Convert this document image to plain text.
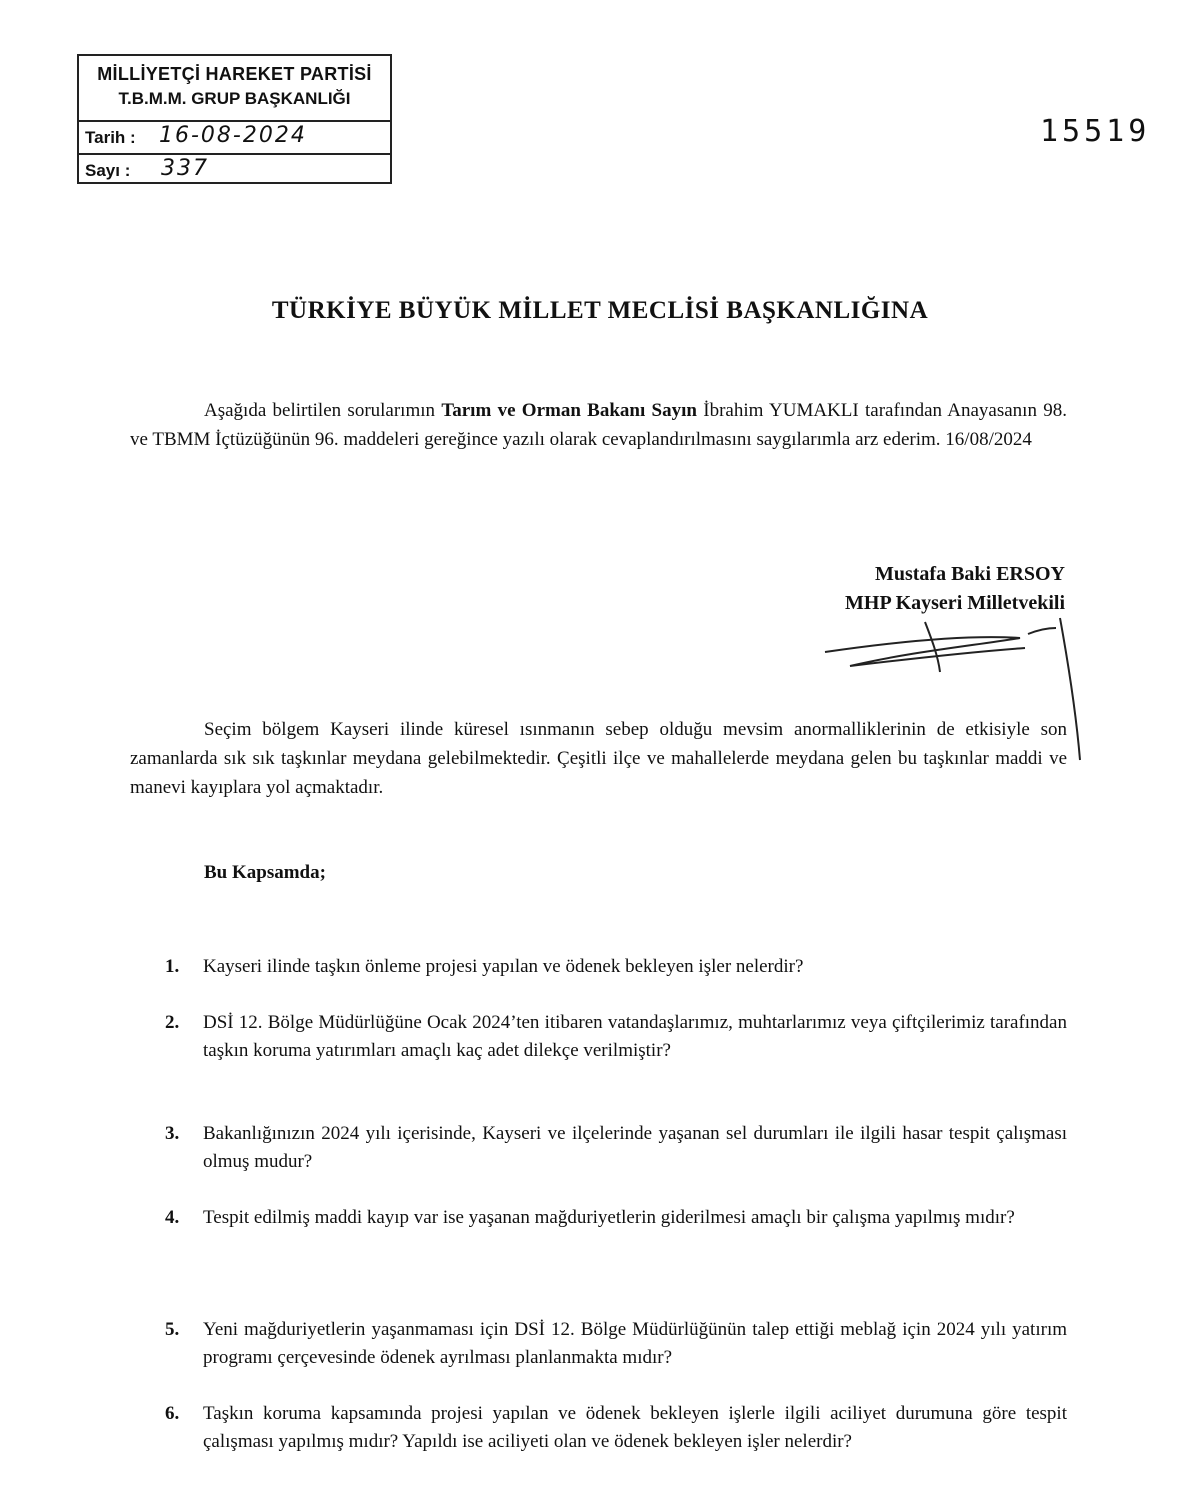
MİLLİYETÇİ HAREKET PARTİSİ
T.B.M.M. GRUP BAŞKANLIĞI
Tarih : 16-08-2024
Sayı : 337
15519
TÜRKİYE BÜYÜK MİLLET MECLİSİ BAŞKANLIĞINA

Aşağıda belirtilen sorularımın Tarım ve Orman Bakanı Sayın İbrahim YUMAKLI tarafından Anayasanın 98. ve TBMM İçtüzüğünün 96. maddeleri gereğince yazılı olarak cevaplandırılmasını saygılarımla arz ederim. 16/08/2024

Mustafa Baki ERSOY
MHP Kayseri Milletvekili

Seçim bölgem Kayseri ilinde küresel ısınmanın sebep olduğu mevsim anormalliklerinin de etkisiyle son zamanlarda sık sık taşkınlar meydana gelebilmektedir. Çeşitli ilçe ve mahallelerde meydana gelen bu taşkınlar maddi ve manevi kayıplara yol açmaktadır.

Bu Kapsamda;
1.	Kayseri ilinde taşkın önleme projesi yapılan ve ödenek bekleyen işler nelerdir?
2.	DSİ 12. Bölge Müdürlüğüne Ocak 2024’ten itibaren vatandaşlarımız, muhtarlarımız veya çiftçilerimiz tarafından taşkın koruma yatırımları amaçlı kaç adet dilekçe verilmiştir?
3.	Bakanlığınızın 2024 yılı içerisinde, Kayseri ve ilçelerinde yaşanan sel durumları ile ilgili hasar tespit çalışması olmuş mudur?
4.	Tespit edilmiş maddi kayıp var ise yaşanan mağduriyetlerin giderilmesi amaçlı bir çalışma yapılmış mıdır?
5.	Yeni mağduriyetlerin yaşanmaması için DSİ 12. Bölge Müdürlüğünün talep ettiği meblağ için 2024 yılı yatırım programı çerçevesinde ödenek ayrılması planlanmakta mıdır?
6.	Taşkın koruma kapsamında projesi yapılan ve ödenek bekleyen işlerle ilgili aciliyet durumuna göre tespit çalışması yapılmış mıdır? Yapıldı ise aciliyeti olan ve ödenek bekleyen işler nelerdir?
